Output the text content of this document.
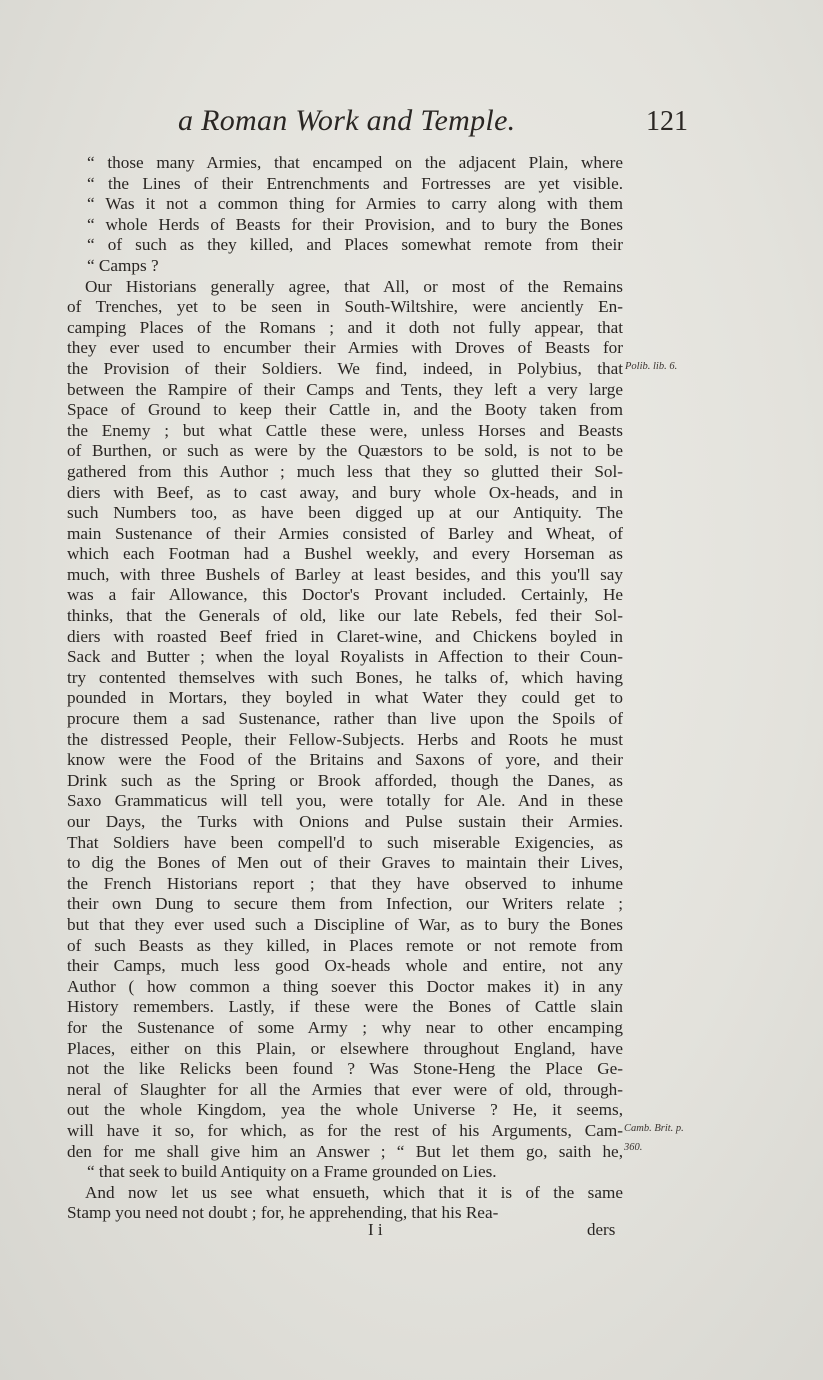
a Roman Work and Temple.	121
“ those many Armies, that encamped on the adjacent Plain, where
“ the Lines of their Entrenchments and Fortresses are yet visible.
“ Was it not a common thing for Armies to carry along with them
“ whole Herds of Beasts for their Provision, and to bury the Bones
“ of such as they killed, and Places somewhat remote from their
“ Camps ?
Our Historians generally agree, that All, or most of the Remains
of Trenches, yet to be seen in South-Wiltshire, were anciently En-
camping Places of the Romans ; and it doth not fully appear, that
they ever used to encumber their Armies with Droves of Beasts for
the Provision of their Soldiers. We find, indeed, in Polybius, that
between the Rampire of their Camps and Tents, they left a very large
Space of Ground to keep their Cattle in, and the Booty taken from
the Enemy ; but what Cattle these were, unless Horses and Beasts
of Burthen, or such as were by the Quæstors to be sold, is not to be
gathered from this Author ; much less that they so glutted their Sol-
diers with Beef, as to cast away, and bury whole Ox-heads, and in
such Numbers too, as have been digged up at our Antiquity. The
main Sustenance of their Armies consisted of Barley and Wheat, of
which each Footman had a Bushel weekly, and every Horseman as
much, with three Bushels of Barley at least besides, and this you'll say
was a fair Allowance, this Doctor's Provant included. Certainly, He
thinks, that the Generals of old, like our late Rebels, fed their Sol-
diers with roasted Beef fried in Claret-wine, and Chickens boyled in
Sack and Butter ; when the loyal Royalists in Affection to their Coun-
try contented themselves with such Bones, he talks of, which having
pounded in Mortars, they boyled in what Water they could get to
procure them a sad Sustenance, rather than live upon the Spoils of
the distressed People, their Fellow-Subjects. Herbs and Roots he must
know were the Food of the Britains and Saxons of yore, and their
Drink such as the Spring or Brook afforded, though the Danes, as
Saxo Grammaticus will tell you, were totally for Ale. And in these
our Days, the Turks with Onions and Pulse sustain their Armies.
That Soldiers have been compell'd to such miserable Exigencies, as
to dig the Bones of Men out of their Graves to maintain their Lives,
the French Historians report ; that they have observed to inhume
their own Dung to secure them from Infection, our Writers relate ;
but that they ever used such a Discipline of War, as to bury the Bones
of such Beasts as they killed, in Places remote or not remote from
their Camps, much less good Ox-heads whole and entire, not any
Author ( how common a thing soever this Doctor makes it) in any
History remembers. Lastly, if these were the Bones of Cattle slain
for the Sustenance of some Army ; why near to other encamping
Places, either on this Plain, or elsewhere throughout England, have
not the like Relicks been found ? Was Stone-Heng the Place Ge-
neral of Slaughter for all the Armies that ever were of old, through-
out the whole Kingdom, yea the whole Universe ? He, it seems,
will have it so, for which, as for the rest of his Arguments, Cam-
den for me shall give him an Answer ; “ But let them go, saith he,
“ that seek to build Antiquity on a Frame grounded on Lies.
And now let us see what ensueth, which that it is of the same
Stamp you need not doubt ; for, he apprehending, that his Rea-
Polib. lib. 6.
Camb. Brit. p.
360.
I i	ders
